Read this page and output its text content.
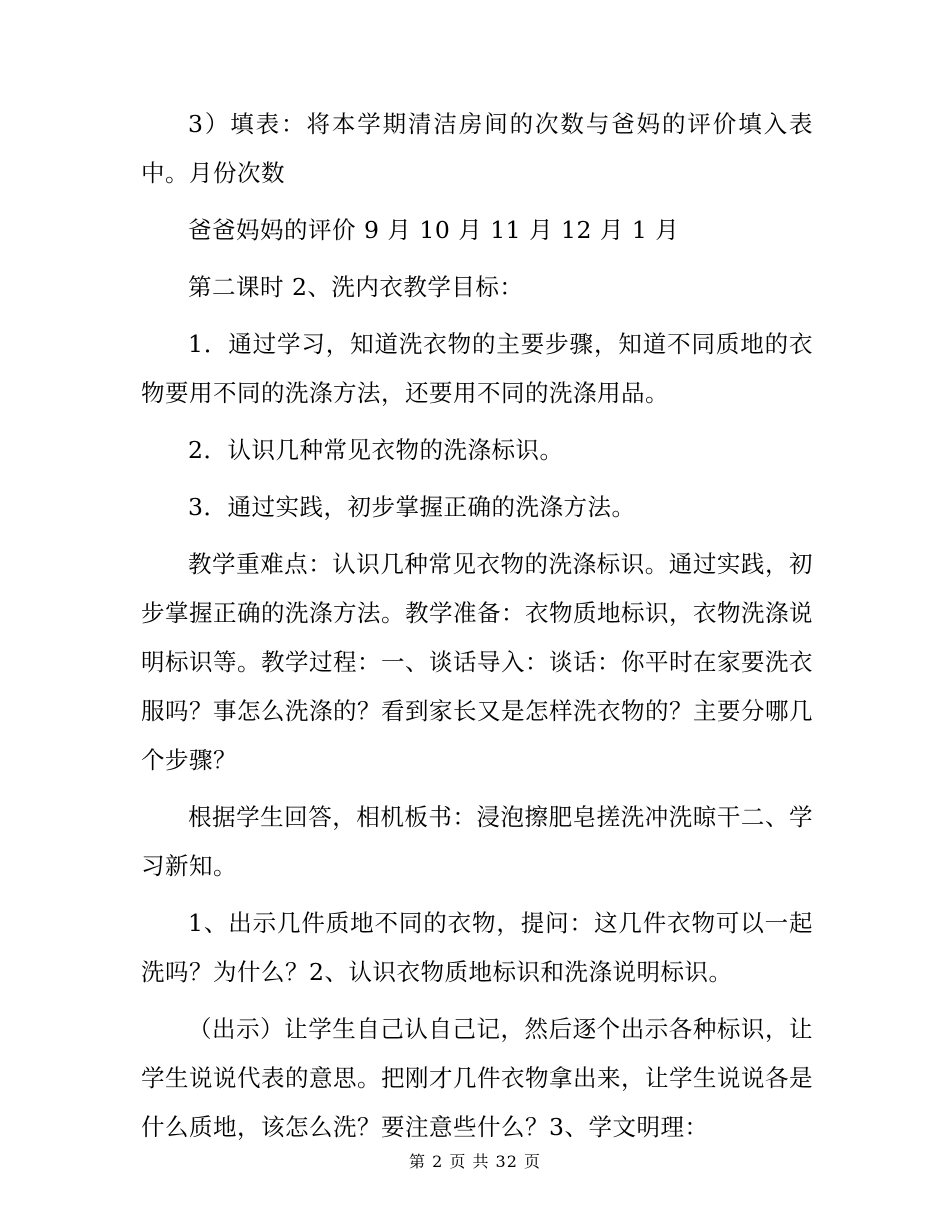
3）填表：将本学期清洁房间的次数与爸妈的评价填入表中。月份次数

爸爸妈妈的评价 9 月 10 月 11 月 12 月 1 月

第二课时 2、洗内衣教学目标：

1．通过学习，知道洗衣物的主要步骤，知道不同质地的衣物要用不同的洗涤方法，还要用不同的洗涤用品。

2．认识几种常见衣物的洗涤标识。

3．通过实践，初步掌握正确的洗涤方法。

教学重难点：认识几种常见衣物的洗涤标识。通过实践，初步掌握正确的洗涤方法。教学准备：衣物质地标识，衣物洗涤说明标识等。教学过程：一、谈话导入：谈话：你平时在家要洗衣服吗？事怎么洗涤的？看到家长又是怎样洗衣物的？主要分哪几个步骤？

根据学生回答，相机板书：浸泡擦肥皂搓洗冲洗晾干二、学习新知。

1、出示几件质地不同的衣物，提问：这几件衣物可以一起洗吗？为什么？2、认识衣物质地标识和洗涤说明标识。

（出示）让学生自己认自己记，然后逐个出示各种标识，让学生说说代表的意思。把刚才几件衣物拿出来，让学生说说各是什么质地，该怎么洗？要注意些什么？3、学文明理：

第 2 页 共 32 页
